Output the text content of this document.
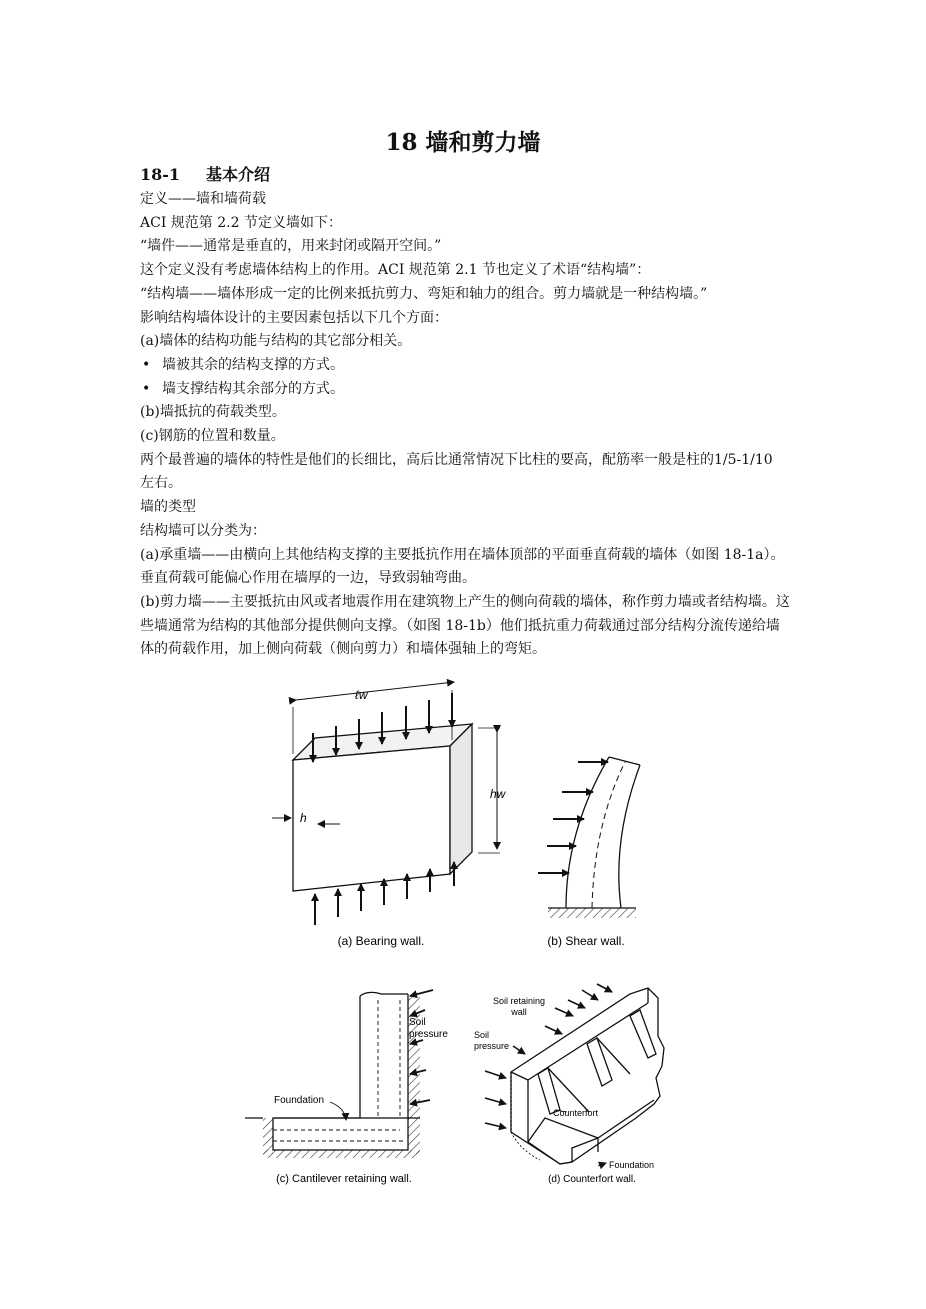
18 墙和剪力墙
18-1 基本介绍

定义——墙和墙荷载

ACI 规范第 2.2 节定义墙如下：

“墙件——通常是垂直的，用来封闭或隔开空间。”

这个定义没有考虑墙体结构上的作用。ACI 规范第 2.1 节也定义了术语“结构墙”：

“结构墙——墙体形成一定的比例来抵抗剪力、弯矩和轴力的组合。剪力墙就是一种结构墙。”

影响结构墙体设计的主要因素包括以下几个方面：

(a)墙体的结构功能与结构的其它部分相关。

• 墙被其余的结构支撑的方式。

• 墙支撑结构其余部分的方式。

(b)墙抵抗的荷载类型。

(c)钢筋的位置和数量。

两个最普遍的墙体的特性是他们的长细比，高后比通常情况下比柱的要高，配筋率一般是柱的1/5-1/10 左右。

墙的类型

结构墙可以分类为：

(a)承重墙——由横向上其他结构支撑的主要抵抗作用在墙体顶部的平面垂直荷载的墙体（如图 18-1a）。垂直荷载可能偏心作用在墙厚的一边，导致弱轴弯曲。

(b)剪力墙——主要抵抗由风或者地震作用在建筑物上产生的侧向荷载的墙体，称作剪力墙或者结构墙。这些墙通常为结构的其他部分提供侧向支撑。（如图 18-1b）他们抵抗重力荷载通过部分结构分流传递给墙体的荷载作用，加上侧向荷载（侧向剪力）和墙体强轴上的弯矩。

ℓw
hw
h
(a) Bearing wall.	(b) Shear wall.
Soil
pressure
Foundation
(c) Cantilever retaining wall.
Soil retaining
wall
Soil
pressure
Counterfort
Foundation
(d) Counterfort wall.
